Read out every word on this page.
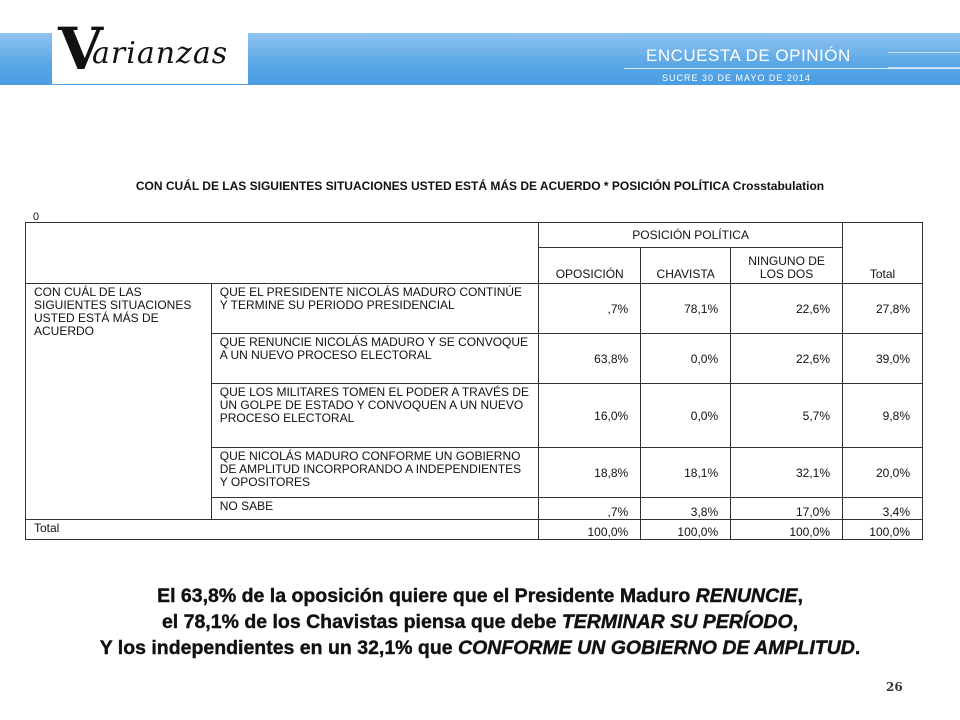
V
arianzas	ENCUESTA DE OPINIÓN
SUCRE 30 DE MAYO DE 2014
CON CUÁL DE LAS SIGUIENTES SITUACIONES USTED ESTÁ MÁS DE ACUERDO * POSICIÓN POLÍTICA Crosstabulation
0
		POSICIÓN POLÍTICA			Total
		OPOSICIÓN	CHAVISTA	NINGUNO DE LOS DOS	
CON CUÁL DE LAS SIGUIENTES SITUACIONES USTED ESTÁ MÁS DE ACUERDO	QUE EL PRESIDENTE NICOLÁS MADURO CONTINÚE Y TERMINE SU PERIODO PRESIDENCIAL	,7%	78,1%	22,6%	27,8%
	QUE RENUNCIE NICOLÁS MADURO Y SE CONVOQUE A UN NUEVO PROCESO ELECTORAL	63,8%	0,0%	22,6%	39,0%
	QUE LOS MILITARES TOMEN EL PODER A TRAVÉS DE UN GOLPE DE ESTADO Y CONVOQUEN A UN NUEVO PROCESO ELECTORAL	16,0%	0,0%	5,7%	9,8%
	QUE NICOLÁS MADURO CONFORME UN GOBIERNO DE AMPLITUD INCORPORANDO A INDEPENDIENTES Y OPOSITORES	18,8%	18,1%	32,1%	20,0%
	NO SABE	,7%	3,8%	17,0%	3,4%
Total		100,0%	100,0%	100,0%	100,0%
El 63,8% de la oposición quiere que el Presidente Maduro RENUNCIE,
el 78,1% de los Chavistas piensa que debe TERMINAR SU PERÍODO,
Y los independientes en un 32,1% que CONFORME UN GOBIERNO DE AMPLITUD.
26
